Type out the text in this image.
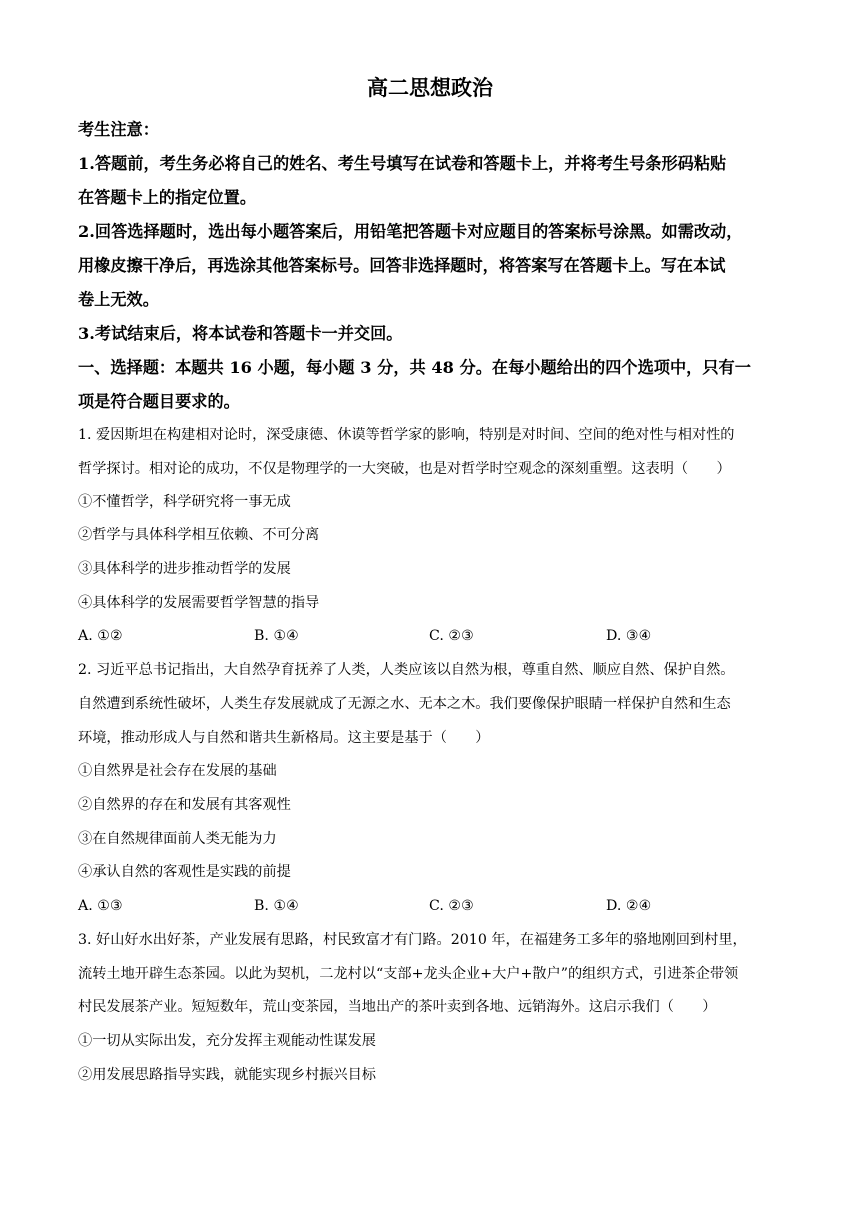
高二思想政治
考生注意：
1.答题前，考生务必将自己的姓名、考生号填写在试卷和答题卡上，并将考生号条形码粘贴
在答题卡上的指定位置。
2.回答选择题时，选出每小题答案后，用铅笔把答题卡对应题目的答案标号涂黑。如需改动，
用橡皮擦干净后，再选涂其他答案标号。回答非选择题时，将答案写在答题卡上。写在本试
卷上无效。
3.考试结束后，将本试卷和答题卡一并交回。
一、选择题：本题共 16 小题，每小题 3 分，共 48 分。在每小题给出的四个选项中，只有一
项是符合题目要求的。
1. 爱因斯坦在构建相对论时，深受康德、休谟等哲学家的影响，特别是对时间、空间的绝对性与相对性的
哲学探讨。相对论的成功，不仅是物理学的一大突破，也是对哲学时空观念的深刻重塑。这表明（　　）
①不懂哲学，科学研究将一事无成
②哲学与具体科学相互依赖、不可分离
③具体科学的进步推动哲学的发展
④具体科学的发展需要哲学智慧的指导
A. ①②	B. ①④	C. ②③	D. ③④
2. 习近平总书记指出，大自然孕育抚养了人类，人类应该以自然为根，尊重自然、顺应自然、保护自然。
自然遭到系统性破坏，人类生存发展就成了无源之水、无本之木。我们要像保护眼睛一样保护自然和生态
环境，推动形成人与自然和谐共生新格局。这主要是基于（　　）
①自然界是社会存在发展的基础
②自然界的存在和发展有其客观性
③在自然规律面前人类无能为力
④承认自然的客观性是实践的前提
A. ①③	B. ①④	C. ②③	D. ②④
3. 好山好水出好茶，产业发展有思路，村民致富才有门路。2010 年，在福建务工多年的骆地刚回到村里，
流转土地开辟生态茶园。以此为契机，二龙村以“支部+龙头企业+大户+散户”的组织方式，引进茶企带领
村民发展茶产业。短短数年，荒山变茶园，当地出产的茶叶卖到各地、远销海外。这启示我们（　　）
①一切从实际出发，充分发挥主观能动性谋发展
②用发展思路指导实践，就能实现乡村振兴目标
